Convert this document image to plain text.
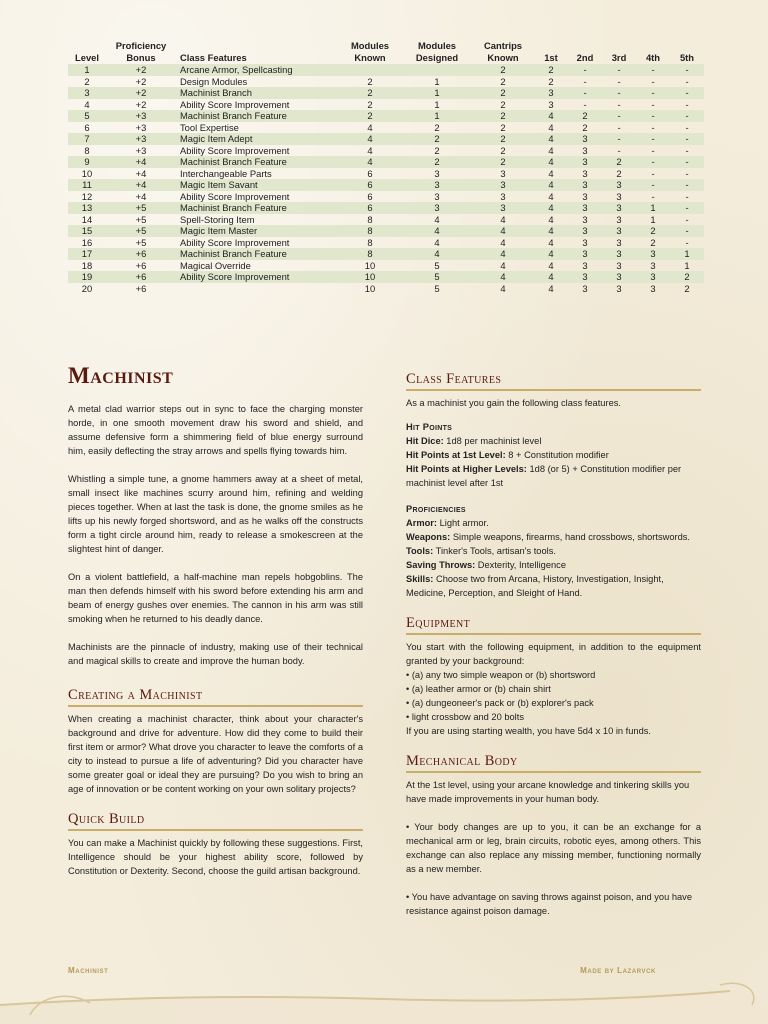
Level	Proficiency Bonus	Class Features	Modules Known	Modules Designed	Cantrips Known	1st	2nd	3rd	4th	5th
1	+2	Arcane Armor, Spellcasting			2	2	-	-	-	-
2	+2	Design Modules	2	1	2	2	-	-	-	-
3	+2	Machinist Branch	2	1	2	3	-	-	-	-
4	+2	Ability Score Improvement	2	1	2	3	-	-	-	-
5	+3	Machinist Branch Feature	2	1	2	4	2	-	-	-
6	+3	Tool Expertise	4	2	2	4	2	-	-	-
7	+3	Magic Item Adept	4	2	2	4	3	-	-	-
8	+3	Ability Score Improvement	4	2	2	4	3	-	-	-
9	+4	Machinist Branch Feature	4	2	2	4	3	2	-	-
10	+4	Interchangeable Parts	6	3	3	4	3	2	-	-
11	+4	Magic Item Savant	6	3	3	4	3	3	-	-
12	+4	Ability Score Improvement	6	3	3	4	3	3	-	-
13	+5	Machinist Branch Feature	6	3	3	4	3	3	1	-
14	+5	Spell-Storing Item	8	4	4	4	3	3	1	-
15	+5	Magic Item Master	8	4	4	4	3	3	2	-
16	+5	Ability Score Improvement	8	4	4	4	3	3	2	-
17	+6	Machinist Branch Feature	8	4	4	4	3	3	3	1
18	+6	Magical Override	10	5	4	4	3	3	3	1
19	+6	Ability Score Improvement	10	5	4	4	3	3	3	2
20	+6		10	5	4	4	3	3	3	2
Machinist

A metal clad warrior steps out in sync to face the charging monster horde, in one smooth movement draw his sword and shield, and assume defensive form a shimmering field of blue energy surround him, easily deflecting the stray arrows and spells flying towards him.

Whistling a simple tune, a gnome hammers away at a sheet of metal, small insect like machines scurry around him, refining and welding pieces together. When at last the task is done, the gnome smiles as he lifts up his newly forged shortsword, and as he walks off the constructs form a tight circle around him, ready to release a smokescreen at the slightest hint of danger.

On a violent battlefield, a half-machine man repels hobgoblins. The man then defends himself with his sword before extending his arm and beam of energy gushes over enemies. The cannon in his arm was still smoking when he returned to his deadly dance.

Machinists are the pinnacle of industry, making use of their technical and magical skills to create and improve the human body.

Creating a Machinist

When creating a machinist character, think about your character's background and drive for adventure. How did they come to build their first item or armor? What drove you character to leave the comforts of a city to instead to pursue a life of adventuring? Did you character have some greater goal or ideal they are pursuing? Do you wish to bring an age of innovation or be content working on your own solitary projects?

Quick Build

You can make a Machinist quickly by following these suggestions. First, Intelligence should be your highest ability score, followed by Constitution or Dexterity. Second, choose the guild artisan background.

Class Features

As a machinist you gain the following class features.

Hit Points

Hit Dice: 1d8 per machinist level

Hit Points at 1st Level: 8 + Constitution modifier

Hit Points at Higher Levels: 1d8 (or 5) + Constitution modifier per machinist level after 1st

Proficiencies

Armor: Light armor.

Weapons: Simple weapons, firearms, hand crossbows, shortswords.

Tools: Tinker's Tools, artisan's tools.

Saving Throws: Dexterity, Intelligence

Skills: Choose two from Arcana, History, Investigation, Insight, Medicine, Perception, and Sleight of Hand.

Equipment

You start with the following equipment, in addition to the equipment granted by your background:

• (a) any two simple weapon or (b) shortsword

• (a) leather armor or (b) chain shirt

• (a) dungeoneer's pack or (b) explorer's pack

• light crossbow and 20 bolts

If you are using starting wealth, you have 5d4 x 10 in funds.

Mechanical Body

At the 1st level, using your arcane knowledge and tinkering skills you have made improvements in your human body.

• Your body changes are up to you, it can be an exchange for a mechanical arm or leg, brain circuits, robotic eyes, among others. This exchange can also replace any missing member, functioning normally as a new member.

• You have advantage on saving throws against poison, and you have resistance against poison damage.

Machinist	Made by Lazarvck
